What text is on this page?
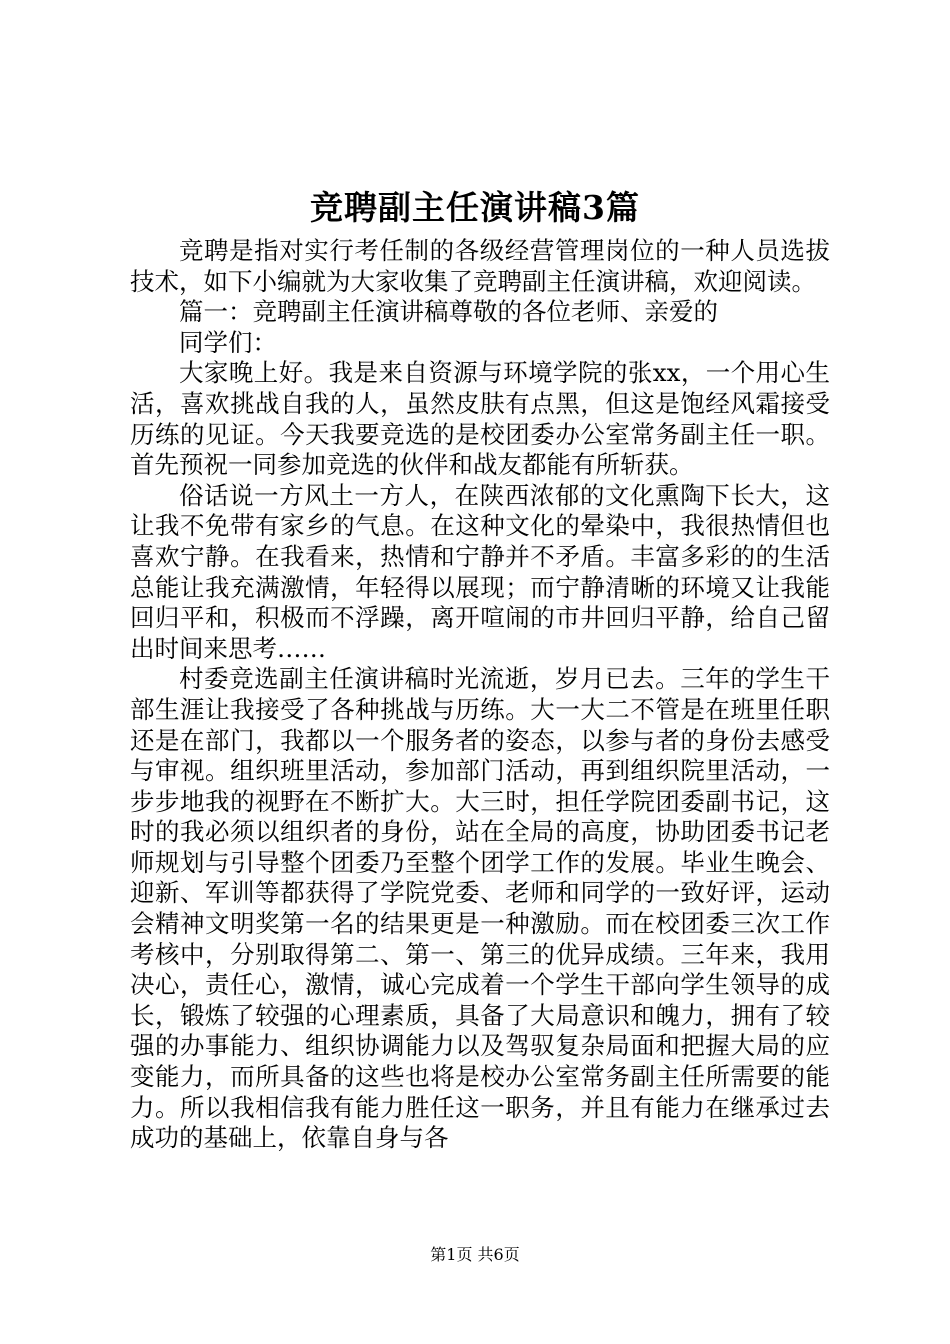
竞聘副主任演讲稿3篇

竞聘是指对实行考任制的各级经营管理岗位的一种人员选拔技术，如下小编就为大家收集了竞聘副主任演讲稿，欢迎阅读。

篇一：竞聘副主任演讲稿尊敬的各位老师、亲爱的

同学们：

大家晚上好。我是来自资源与环境学院的张xx，一个用心生活，喜欢挑战自我的人，虽然皮肤有点黑，但这是饱经风霜接受历练的见证。今天我要竞选的是校团委办公室常务副主任一职。首先预祝一同参加竞选的伙伴和战友都能有所斩获。

俗话说一方风土一方人，在陕西浓郁的文化熏陶下长大，这让我不免带有家乡的气息。在这种文化的晕染中，我很热情但也喜欢宁静。在我看来，热情和宁静并不矛盾。丰富多彩的的生活总能让我充满激情，年轻得以展现；而宁静清晰的环境又让我能回归平和，积极而不浮躁，离开喧闹的市井回归平静，给自己留出时间来思考……

村委竞选副主任演讲稿时光流逝，岁月已去。三年的学生干部生涯让我接受了各种挑战与历练。大一大二不管是在班里任职还是在部门，我都以一个服务者的姿态，以参与者的身份去感受与审视。组织班里活动，参加部门活动，再到组织院里活动，一步步地我的视野在不断扩大。大三时，担任学院团委副书记，这时的我必须以组织者的身份，站在全局的高度，协助团委书记老师规划与引导整个团委乃至整个团学工作的发展。毕业生晚会、迎新、军训等都获得了学院党委、老师和同学的一致好评，运动会精神文明奖第一名的结果更是一种激励。而在校团委三次工作考核中，分别取得第二、第一、第三的优异成绩。三年来，我用决心，责任心，激情，诚心完成着一个学生干部向学生领导的成长，锻炼了较强的心理素质，具备了大局意识和魄力，拥有了较强的办事能力、组织协调能力以及驾驭复杂局面和把握大局的应变能力，而所具备的这些也将是校办公室常务副主任所需要的能力。所以我相信我有能力胜任这一职务，并且有能力在继承过去成功的基础上，依靠自身与各

第1页 共6页
